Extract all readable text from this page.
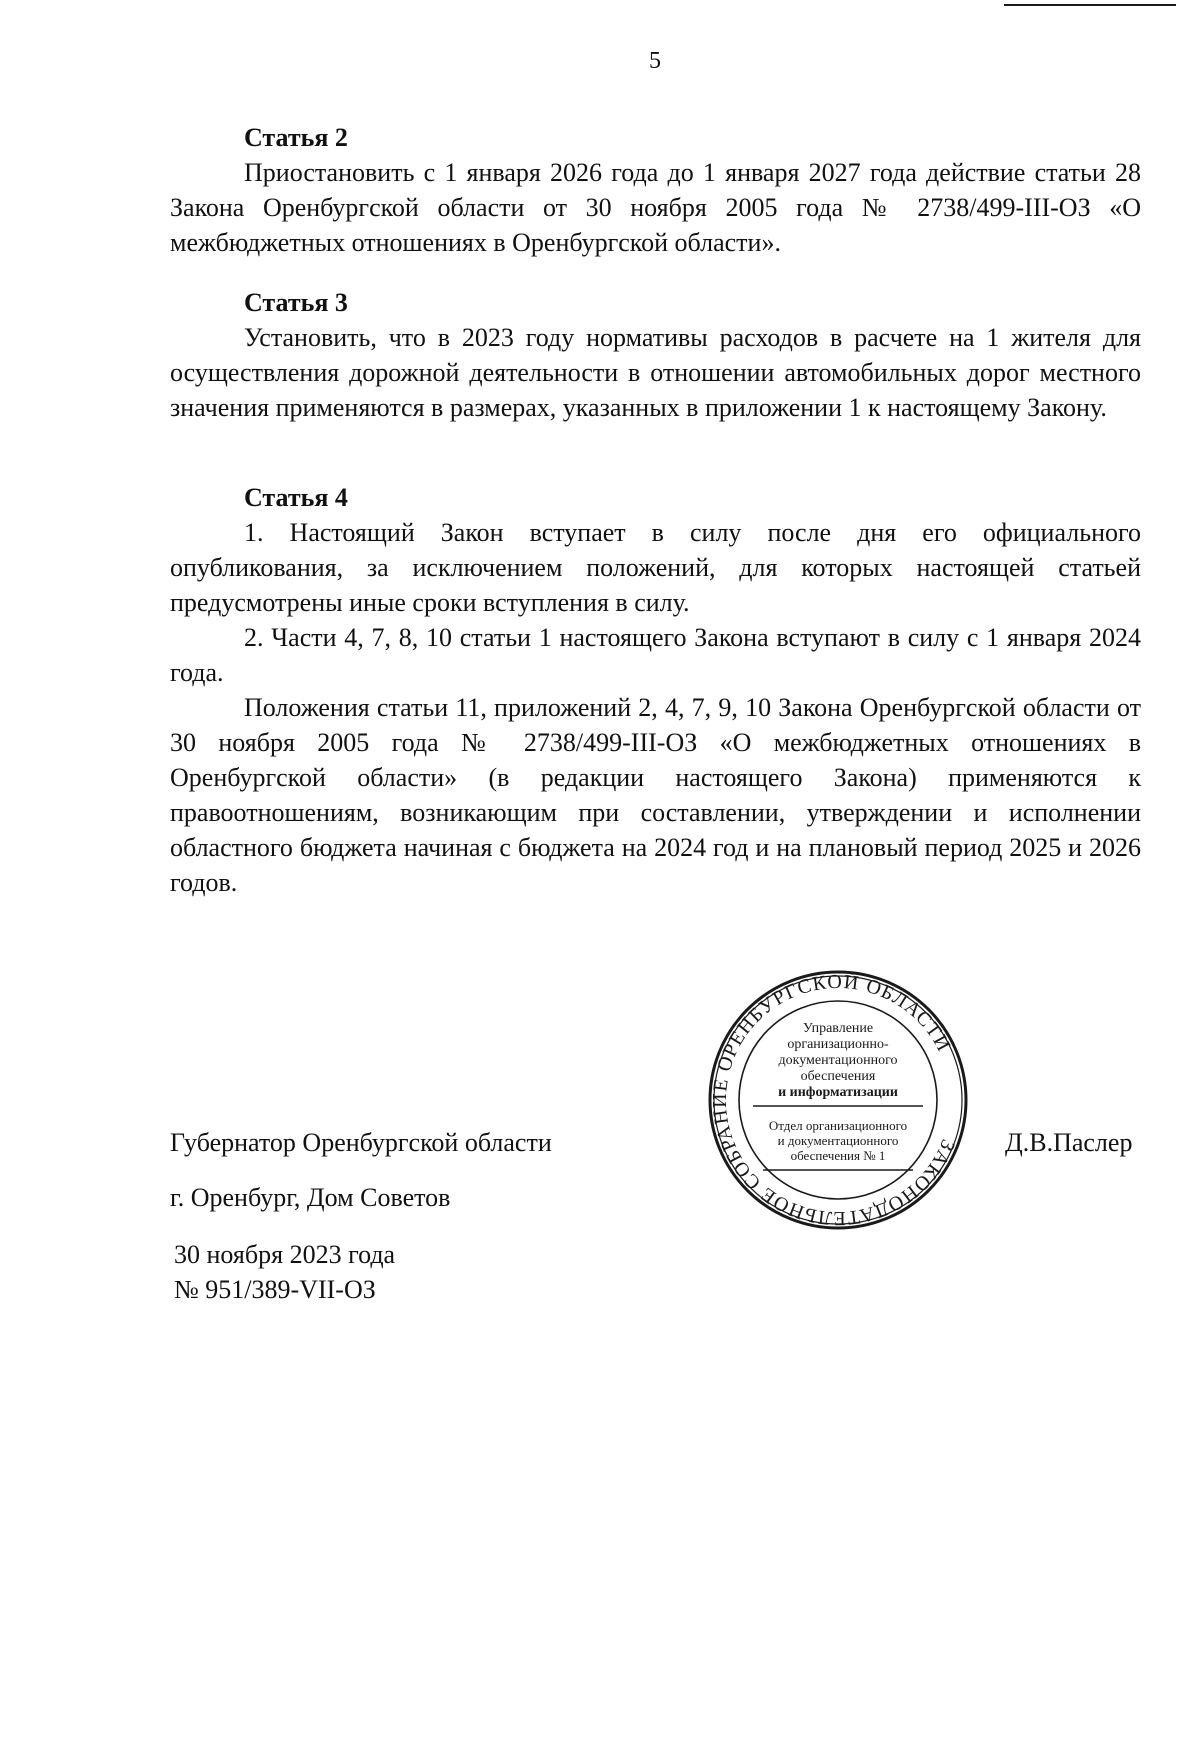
5

Статья 2

Приостановить с 1 января 2026 года до 1 января 2027 года действие статьи 28 Закона Оренбургской области от 30 ноября 2005 года № 2738/499-III-ОЗ «О межбюджетных отношениях в Оренбургской области».

Статья 3

Установить, что в 2023 году нормативы расходов в расчете на 1 жителя для осуществления дорожной деятельности в отношении автомобильных дорог местного значения применяются в размерах, указанных в приложении 1 к настоящему Закону.

Статья 4

1. Настоящий Закон вступает в силу после дня его официального опубликования, за исключением положений, для которых настоящей статьей предусмотрены иные сроки вступления в силу.

2. Части 4, 7, 8, 10 статьи 1 настоящего Закона вступают в силу с 1 января 2024 года.

Положения статьи 11, приложений 2, 4, 7, 9, 10 Закона Оренбургской области от 30 ноября 2005 года № 2738/499-III-ОЗ «О межбюджетных отношениях в Оренбургской области» (в редакции настоящего Закона) применяются к правоотношениям, возникающим при составлении, утверждении и исполнении областного бюджета начиная с бюджета на 2024 год и на плановый период 2025 и 2026 годов.

Губернатор Оренбургской области
г. Оренбург, Дом Советов
30 ноября 2023 года
№ 951/389-VII-ОЗ
Д.В.Паслер
ЗАКОНОДАТЕЛЬНОЕ СОБРАНИЕ ОРЕНБУРГСКОЙ ОБЛАСТИ
Управление
организационно-
документационного
обеспечения
и информатизации
Отдел организационного
и документационного
обеспечения № 1
